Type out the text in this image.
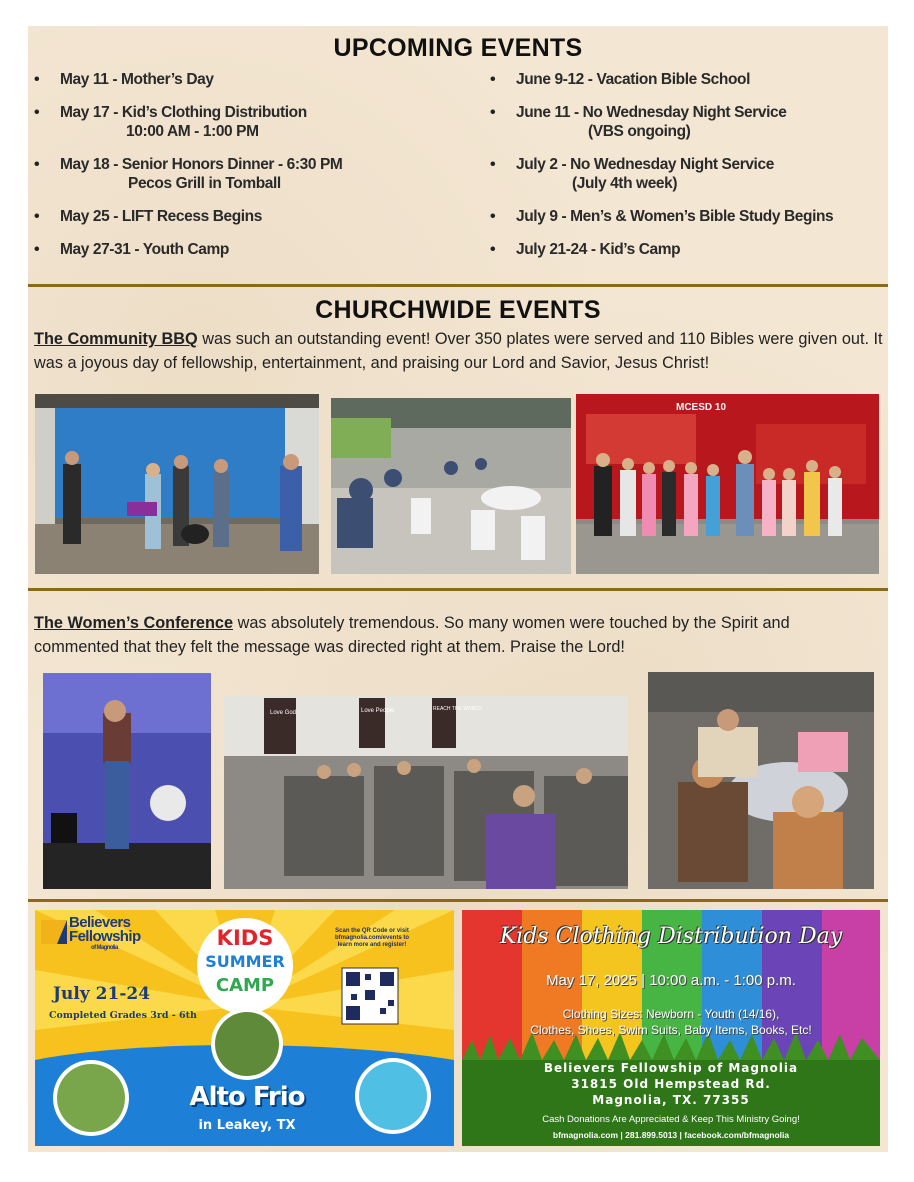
UPCOMING EVENTS
• May 11 - Mother’s Day
• May 17 - Kid’s Clothing Distribution
10:00 AM - 1:00 PM
• May 18 - Senior Honors Dinner - 6:30 PM
Pecos Grill in Tomball
• May 25 - LIFT Recess Begins
• May 27-31 - Youth Camp
• June 9-12 - Vacation Bible School
• June 11 - No Wednesday Night Service
(VBS ongoing)
• July 2 - No Wednesday Night Service
(July 4th week)
• July 9 - Men’s & Women’s Bible Study Begins
• July 21-24 - Kid’s Camp
CHURCHWIDE EVENTS
The Community BBQ was such an outstanding event! Over 350 plates were served and 110 Bibles were given out. It was a joyous day of fellowship, entertainment, and praising our Lord and Savior, Jesus Christ!
MCESD 10
The Women’s Conference was absolutely tremendous. So many women were touched by the Spirit and commented that they felt the message was directed right at them. Praise the Lord!
Love God	Love People	REACH THE WORLD
Believers
Fellowship
of Magnolia	KIDS
SUMMER
CAMP
Scan the QR Code or visit bfmagnolia.com/events to learn more and register!
July 21-24
Completed Grades 3rd - 6th
Alto Frio
in Leakey, TX
Kids Clothing Distribution Day
May 17, 2025 | 10:00 a.m. - 1:00 p.m.
Clothing Sizes: Newborn - Youth (14/16),
Clothes, Shoes, Swim Suits, Baby Items, Books, Etc!
Believers Fellowship of Magnolia
31815 Old Hempstead Rd.
Magnolia, TX. 77355
Cash Donations Are Appreciated & Keep This Ministry Going!
bfmagnolia.com | 281.899.5013 | facebook.com/bfmagnolia
